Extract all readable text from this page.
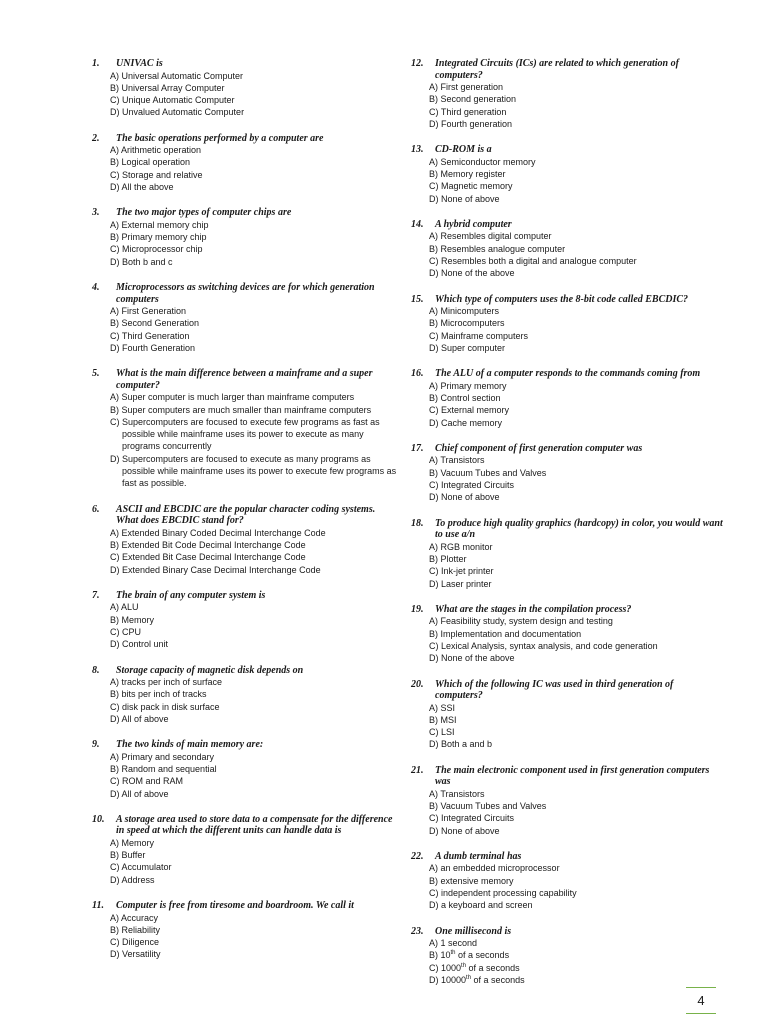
1.	UNIVAC is
A) Universal Automatic Computer
B) Universal Array Computer
C) Unique Automatic Computer
D) Unvalued Automatic Computer
2.	The basic operations performed by a computer are
A) Arithmetic operation
B) Logical operation
C) Storage and relative
D) All the above
3.	The two major types of computer chips are
A) External memory chip
B) Primary memory chip
C) Microprocessor chip
D) Both b and c
4.	Microprocessors as switching devices are for which generation computers
A) First Generation
B) Second Generation
C) Third Generation
D) Fourth Generation
5.	What is the main difference between a mainframe and a super computer?
A) Super computer is much larger than mainframe computers
B) Super computers are much smaller than mainframe computers
C) Supercomputers are focused to execute few programs as fast as possible while mainframe uses its power to execute as many programs concurrently
D) Supercomputers are focused to execute as many programs as possible while mainframe uses its power to execute few programs as fast as possible.
6.	ASCII and EBCDIC are the popular character coding systems. What does EBCDIC stand for?
A) Extended Binary Coded Decimal Interchange Code
B) Extended Bit Code Decimal Interchange Code
C) Extended Bit Case Decimal Interchange Code
D) Extended Binary Case Decimal Interchange Code
7.	The brain of any computer system is
A) ALU
B) Memory
C) CPU
D) Control unit
8.	Storage capacity of magnetic disk depends on
A) tracks per inch of surface
B) bits per inch of tracks
C) disk pack in disk surface
D) All of above
9.	The two kinds of main memory are:
A) Primary and secondary
B) Random and sequential
C) ROM and RAM
D) All of above
10.	A storage area used to store data to a compensate for the difference in speed at which the different units can handle data is
A) Memory
B) Buffer
C) Accumulator
D) Address
11.	Computer is free from tiresome and boardroom. We call it
A) Accuracy
B) Reliability
C) Diligence
D) Versatility
12.	Integrated Circuits (ICs) are related to which generation of computers?
A) First generation
B) Second generation
C) Third generation
D) Fourth generation
13.	CD-ROM is a
A) Semiconductor memory
B) Memory register
C) Magnetic memory
D) None of above
14.	A hybrid computer
A) Resembles digital computer
B) Resembles analogue computer
C) Resembles both a digital and analogue computer
D) None of the above
15.	Which type of computers uses the 8-bit code called EBCDIC?
A) Minicomputers
B) Microcomputers
C) Mainframe computers
D) Super computer
16.	The ALU of a computer responds to the commands coming from
A) Primary memory
B) Control section
C) External memory
D) Cache memory
17.	Chief component of first generation computer was
A) Transistors
B) Vacuum Tubes and Valves
C) Integrated Circuits
D) None of above
18.	To produce high quality graphics (hardcopy) in color, you would want to use a/n
A) RGB monitor
B) Plotter
C) Ink-jet printer
D) Laser printer
19.	What are the stages in the compilation process?
A) Feasibility study, system design and testing
B) Implementation and documentation
C) Lexical Analysis, syntax analysis, and code generation
D) None of the above
20.	Which of the following IC was used in third generation of computers?
A) SSI
B) MSI
C) LSI
D) Both a and b
21.	The main electronic component used in first generation computers was
A) Transistors
B) Vacuum Tubes and Valves
C) Integrated Circuits
D) None of above
22.	A dumb terminal has
A) an embedded microprocessor
B) extensive memory
C) independent processing capability
D) a keyboard and screen
23.	One millisecond is
A) 1 second
B) 10th of a seconds
C) 1000th of a seconds
D) 10000th of a seconds
4
